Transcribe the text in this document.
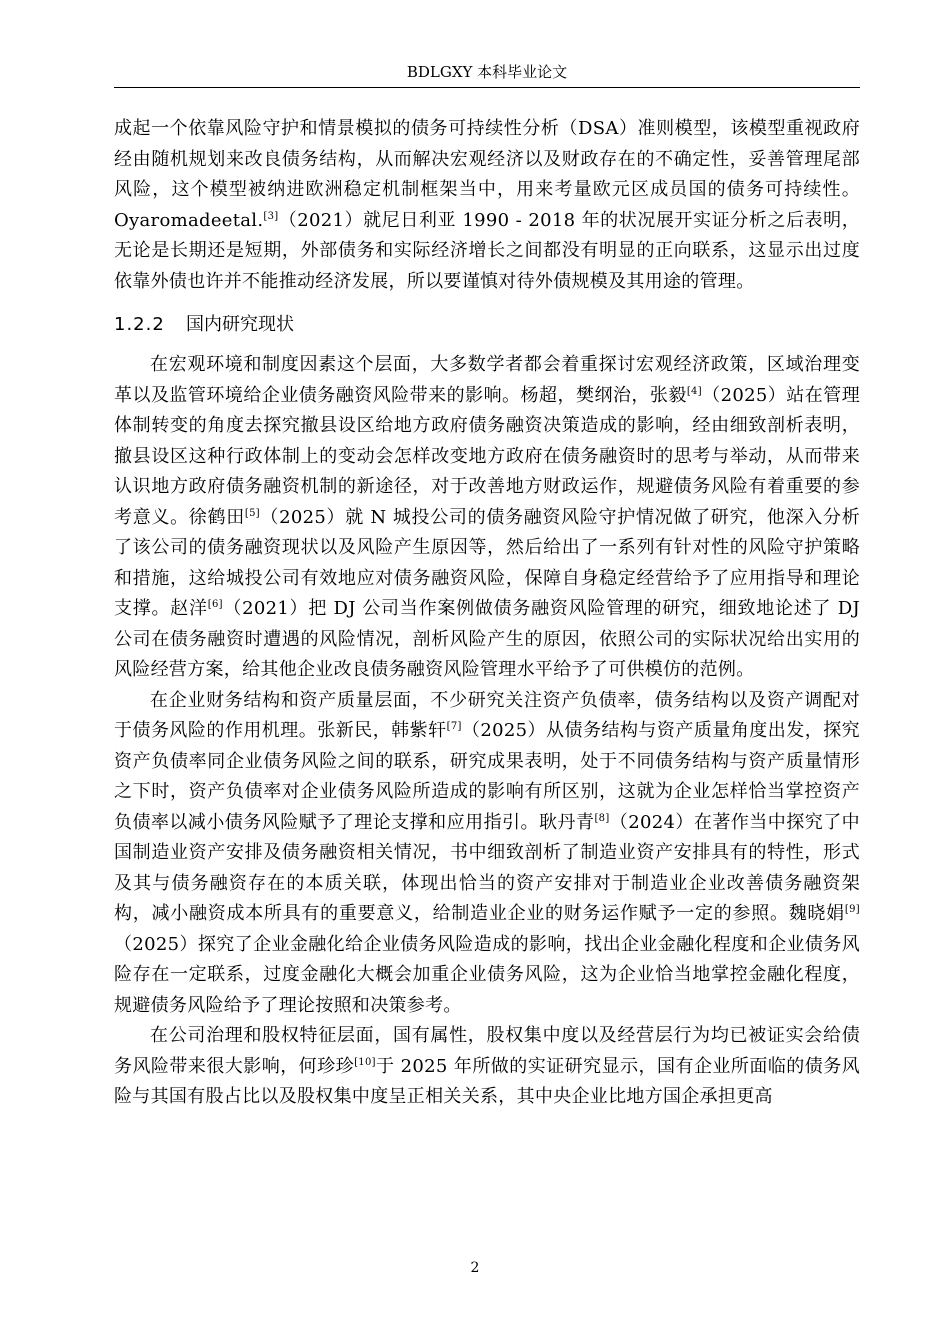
BDLGXY 本科毕业论文

成起一个依靠风险守护和情景模拟的债务可持续性分析（DSA）准则模型，该模型重视政府经由随机规划来改良债务结构，从而解决宏观经济以及财政存在的不确定性，妥善管理尾部风险，这个模型被纳进欧洲稳定机制框架当中，用来考量欧元区成员国的债务可持续性。Oyaromadeetal.[3]（2021）就尼日利亚 1990 - 2018 年的状况展开实证分析之后表明，无论是长期还是短期，外部债务和实际经济增长之间都没有明显的正向联系，这显示出过度依靠外债也许并不能推动经济发展，所以要谨慎对待外债规模及其用途的管理。

1.2.2 国内研究现状

在宏观环境和制度因素这个层面，大多数学者都会着重探讨宏观经济政策，区域治理变革以及监管环境给企业债务融资风险带来的影响。杨超，樊纲治，张毅[4]（2025）站在管理体制转变的角度去探究撤县设区给地方政府债务融资决策造成的影响，经由细致剖析表明，撤县设区这种行政体制上的变动会怎样改变地方政府在债务融资时的思考与举动，从而带来认识地方政府债务融资机制的新途径，对于改善地方财政运作，规避债务风险有着重要的参考意义。徐鹤田[5]（2025）就 N 城投公司的债务融资风险守护情况做了研究，他深入分析了该公司的债务融资现状以及风险产生原因等，然后给出了一系列有针对性的风险守护策略和措施，这给城投公司有效地应对债务融资风险，保障自身稳定经营给予了应用指导和理论支撑。赵洋[6]（2021）把 DJ 公司当作案例做债务融资风险管理的研究，细致地论述了 DJ 公司在债务融资时遭遇的风险情况，剖析风险产生的原因，依照公司的实际状况给出实用的风险经营方案，给其他企业改良债务融资风险管理水平给予了可供模仿的范例。

在企业财务结构和资产质量层面，不少研究关注资产负债率，债务结构以及资产调配对于债务风险的作用机理。张新民，韩紫轩[7]（2025）从债务结构与资产质量角度出发，探究资产负债率同企业债务风险之间的联系，研究成果表明，处于不同债务结构与资产质量情形之下时，资产负债率对企业债务风险所造成的影响有所区别，这就为企业怎样恰当掌控资产负债率以减小债务风险赋予了理论支撑和应用指引。耿丹青[8]（2024）在著作当中探究了中国制造业资产安排及债务融资相关情况，书中细致剖析了制造业资产安排具有的特性，形式及其与债务融资存在的本质关联，体现出恰当的资产安排对于制造业企业改善债务融资架构，减小融资成本所具有的重要意义，给制造业企业的财务运作赋予一定的参照。魏晓娟[9]（2025）探究了企业金融化给企业债务风险造成的影响，找出企业金融化程度和企业债务风险存在一定联系，过度金融化大概会加重企业债务风险，这为企业恰当地掌控金融化程度，规避债务风险给予了理论按照和决策参考。

在公司治理和股权特征层面，国有属性，股权集中度以及经营层行为均已被证实会给债务风险带来很大影响，何珍珍[10]于 2025 年所做的实证研究显示，国有企业所面临的债务风险与其国有股占比以及股权集中度呈正相关关系，其中央企业比地方国企承担更高

2
